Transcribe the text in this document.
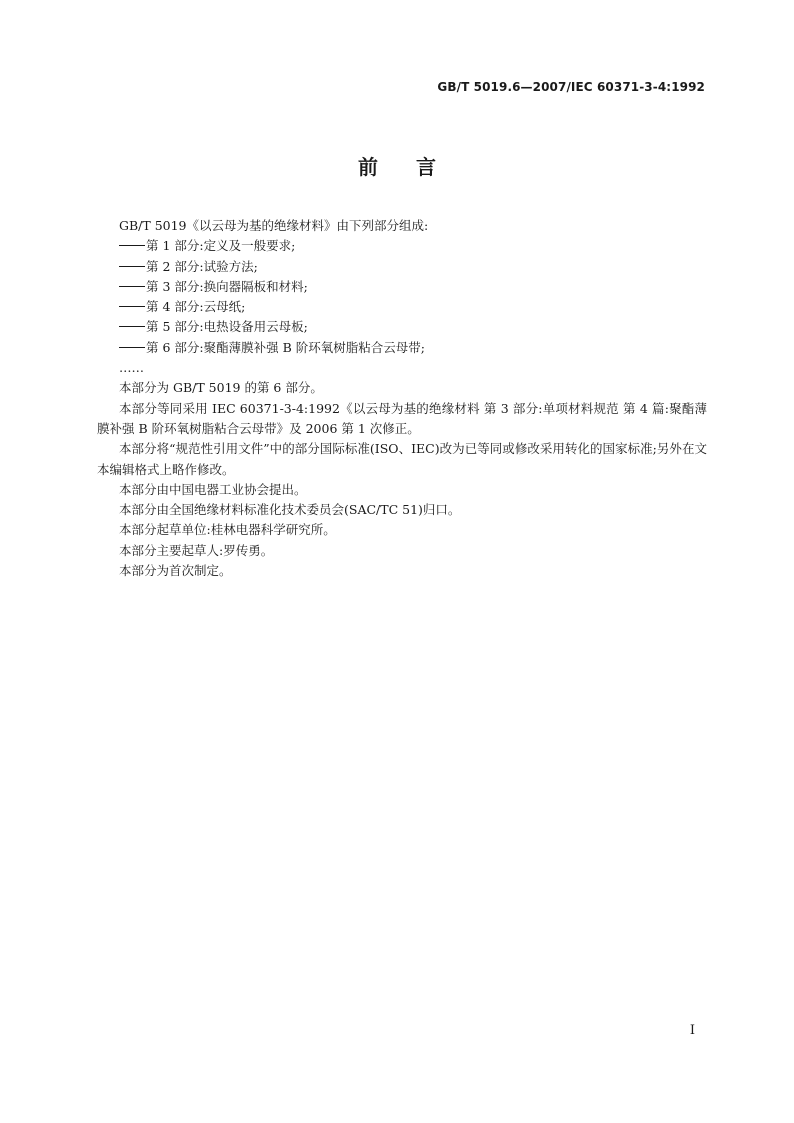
GB/T 5019.6—2007/IEC 60371-3-4:1992
前 言

GB/T 5019《以云母为基的绝缘材料》由下列部分组成:

第 1 部分:定义及一般要求;

第 2 部分:试验方法;

第 3 部分:换向器隔板和材料;

第 4 部分:云母纸;

第 5 部分:电热设备用云母板;

第 6 部分:聚酯薄膜补强 B 阶环氧树脂粘合云母带;

……

本部分为 GB/T 5019 的第 6 部分。

本部分等同采用 IEC 60371-3-4:1992《以云母为基的绝缘材料 第 3 部分:单项材料规范 第 4 篇:聚酯薄膜补强 B 阶环氧树脂粘合云母带》及 2006 第 1 次修正。

本部分将“规范性引用文件”中的部分国际标准(ISO、IEC)改为已等同或修改采用转化的国家标准;另外在文本编辑格式上略作修改。

本部分由中国电器工业协会提出。

本部分由全国绝缘材料标准化技术委员会(SAC/TC 51)归口。

本部分起草单位:桂林电器科学研究所。

本部分主要起草人:罗传勇。

本部分为首次制定。

I
